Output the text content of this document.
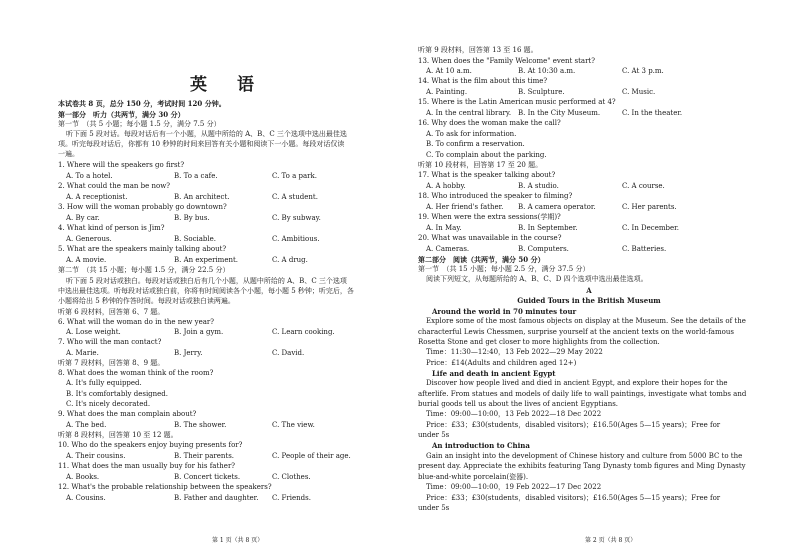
英 语
本试卷共 8 页，总分 150 分，考试时间 120 分钟。
第一部分　听力（共两节，满分 30 分）
第一节　（共 5 小题；每小题 1.5 分，满分 7.5 分）
听下面 5 段对话。每段对话后有一个小题，从题中所给的 A、B、C 三个选项中选出最佳选
项。听完每段对话后，你都有 10 秒钟的时间来回答有关小题和阅读下一小题。每段对话仅读
一遍。
1. Where will the speakers go first?
A. To a hotel.	B. To a cafe.	C. To a park.
2. What could the man be now?
A. A receptionist.	B. An architect.	C. A student.
3. How will the woman probably go downtown?
A. By car.	B. By bus.	C. By subway.
4. What kind of person is Jim?
A. Generous.	B. Sociable.	C. Ambitious.
5. What are the speakers mainly talking about?
A. A movie.	B. An experiment.	C. A drug.
第二节　（共 15 小题；每小题 1.5 分，满分 22.5 分）
听下面 5 段对话或独白。每段对话或独白后有几个小题，从题中所给的 A、B、C 三个选项
中选出最佳选项。听每段对话或独白前，你将有时间阅读各个小题，每小题 5 秒钟；听完后，各
小题将给出 5 秒钟的作答时间。每段对话或独白读两遍。
听第 6 段材料，回答第 6、7 题。
6. What will the woman do in the new year?
A. Lose weight.	B. Join a gym.	C. Learn cooking.
7. Who will the man contact?
A. Marie.	B. Jerry.	C. David.
听第 7 段材料，回答第 8、9 题。
8. What does the woman think of the room?
A. It's fully equipped.
B. It's comfortably designed.
C. It's nicely decorated.
9. What does the man complain about?
A. The bed.	B. The shower.	C. The view.
听第 8 段材料，回答第 10 至 12 题。
10. Who do the speakers enjoy buying presents for?
A. Their cousins.	B. Their parents.	C. People of their age.
11. What does the man usually buy for his father?
A. Books.	B. Concert tickets.	C. Clothes.
12. What's the probable relationship between the speakers?
A. Cousins.	B. Father and daughter. C. Friends.
第 1 页（共 8 页）
听第 9 段材料，回答第 13 至 16 题。
13. When does the "Family Welcome" event start?
A. At 10 a.m.	B. At 10:30 a.m.	C. At 3 p.m.
14. What is the film about this time?
A. Painting.	B. Sculpture.	C. Music.
15. Where is the Latin American music performed at 4?
A. In the central library. B. In the City Museum.	C. In the theater.
16. Why does the woman make the call?
A. To ask for information.
B. To confirm a reservation.
C. To complain about the parking.
听第 10 段材料，回答第 17 至 20 题。
17. What is the speaker talking about?
A. A hobby.	B. A studio.	C. A course.
18. Who introduced the speaker to filming?
A. Her friend's father. B. A camera operator.	C. Her parents.
19. When were the extra sessions(学期)?
A. In May.	B. In September.	C. In December.
20. What was unavailable in the course?
A. Cameras.	B. Computers.	C. Batteries.
第二部分　阅读（共两节，满分 50 分）
第一节　（共 15 小题；每小题 2.5 分，满分 37.5 分）
阅读下列短文，从每题所给的 A、B、C、D 四个选项中选出最佳选项。
A
Guided Tours in the British Museum
Around the world in 70 minutes tour
Explore some of the most famous objects on display at the Museum. See the details of the
characterful Lewis Chessmen, surprise yourself at the ancient texts on the world-famous
Rosetta Stone and get closer to more highlights from the collection.
Time：11:30—12:40，13 Feb 2022—29 May 2022
Price：£14(Adults and children aged 12+)
Life and death in ancient Egypt
Discover how people lived and died in ancient Egypt, and explore their hopes for the
afterlife. From statues and models of daily life to wall paintings, investigate what tombs and
burial goods tell us about the lives of ancient Egyptians.
Time：09:00—10:00，13 Feb 2022—18 Dec 2022
Price：£33；£30(students，disabled visitors)；£16.50(Ages 5—15 years)；Free for
under 5s
An introduction to China
Gain an insight into the development of Chinese history and culture from 5000 BC to the
present day. Appreciate the exhibits featuring Tang Dynasty tomb figures and Ming Dynasty
blue-and-white porcelain(瓷器).
Time：09:00—10:00，19 Feb 2022—17 Dec 2022
Price：£33；£30(students，disabled visitors)；£16.50(Ages 5—15 years)；Free for
under 5s
第 2 页（共 8 页）
